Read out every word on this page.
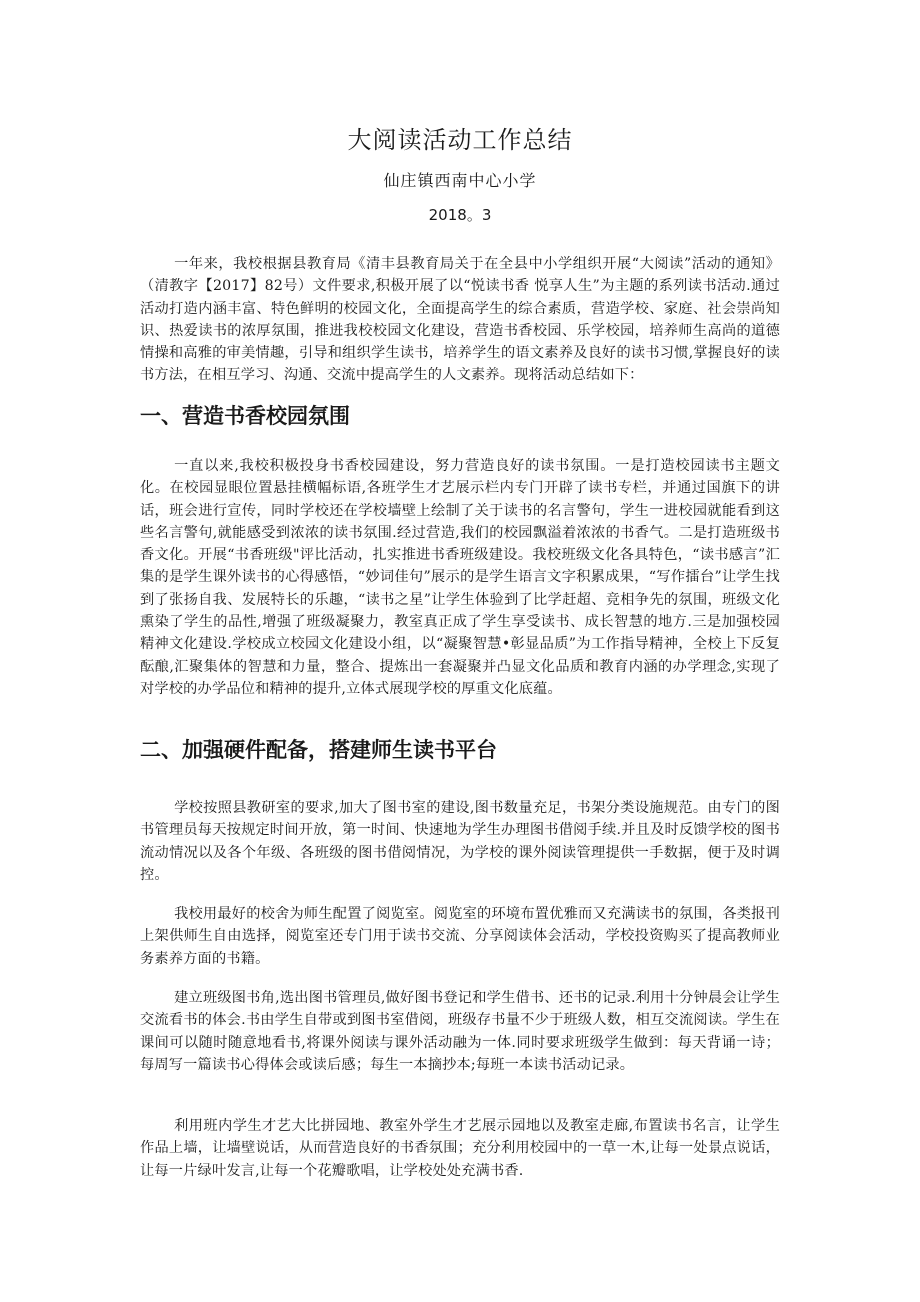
大阅读活动工作总结
仙庄镇西南中心小学
2018。3

一年来，我校根据县教育局《清丰县教育局关于在全县中小学组织开展“大阅读”活动的通知》（清教字【2017】82号）文件要求,积极开展了以“悦读书香 悦享人生”为主题的系列读书活动.通过活动打造内涵丰富、特色鲜明的校园文化，全面提高学生的综合素质，营造学校、家庭、社会崇尚知识、热爱读书的浓厚氛围，推进我校校园文化建设，营造书香校园、乐学校园，培养师生高尚的道德情操和高雅的审美情趣，引导和组织学生读书，培养学生的语文素养及良好的读书习惯,掌握良好的读书方法，在相互学习、沟通、交流中提高学生的人文素养。现将活动总结如下：

一、营造书香校园氛围

一直以来,我校积极投身书香校园建设，努力营造良好的读书氛围。一是打造校园读书主题文化。在校园显眼位置悬挂横幅标语,各班学生才艺展示栏内专门开辟了读书专栏，并通过国旗下的讲话，班会进行宣传，同时学校还在学校墙壁上绘制了关于读书的名言警句，学生一进校园就能看到这些名言警句,就能感受到浓浓的读书氛围.经过营造,我们的校园飘溢着浓浓的书香气。二是打造班级书香文化。开展“书香班级"评比活动，扎实推进书香班级建设。我校班级文化各具特色，“读书感言”汇集的是学生课外读书的心得感悟，“妙词佳句”展示的是学生语言文字积累成果，“写作擂台”让学生找到了张扬自我、发展特长的乐趣，“读书之星”让学生体验到了比学赶超、竞相争先的氛围，班级文化熏染了学生的品性,增强了班级凝聚力，教室真正成了学生享受读书、成长智慧的地方.三是加强校园精神文化建设.学校成立校园文化建设小组，以“凝聚智慧•彰显品质”为工作指导精神，全校上下反复酝酿,汇聚集体的智慧和力量，整合、提炼出一套凝聚并凸显文化品质和教育内涵的办学理念,实现了对学校的办学品位和精神的提升,立体式展现学校的厚重文化底蕴。

二、加强硬件配备，搭建师生读书平台

学校按照县教研室的要求,加大了图书室的建设,图书数量充足，书架分类设施规范。由专门的图书管理员每天按规定时间开放，第一时间、快速地为学生办理图书借阅手续.并且及时反馈学校的图书流动情况以及各个年级、各班级的图书借阅情况，为学校的课外阅读管理提供一手数据，便于及时调控。

我校用最好的校舍为师生配置了阅览室。阅览室的环境布置优雅而又充满读书的氛围，各类报刊上架供师生自由选择，阅览室还专门用于读书交流、分享阅读体会活动，学校投资购买了提高教师业务素养方面的书籍。

建立班级图书角,选出图书管理员,做好图书登记和学生借书、还书的记录.利用十分钟晨会让学生交流看书的体会.书由学生自带或到图书室借阅，班级存书量不少于班级人数，相互交流阅读。学生在课间可以随时随意地看书,将课外阅读与课外活动融为一体.同时要求班级学生做到：每天背诵一诗；每周写一篇读书心得体会或读后感；每生一本摘抄本;每班一本读书活动记录。

利用班内学生才艺大比拼园地、教室外学生才艺展示园地以及教室走廊,布置读书名言，让学生作品上墙，让墙壁说话，从而营造良好的书香氛围；充分利用校园中的一草一木,让每一处景点说话，让每一片绿叶发言,让每一个花瓣歌唱，让学校处处充满书香.
